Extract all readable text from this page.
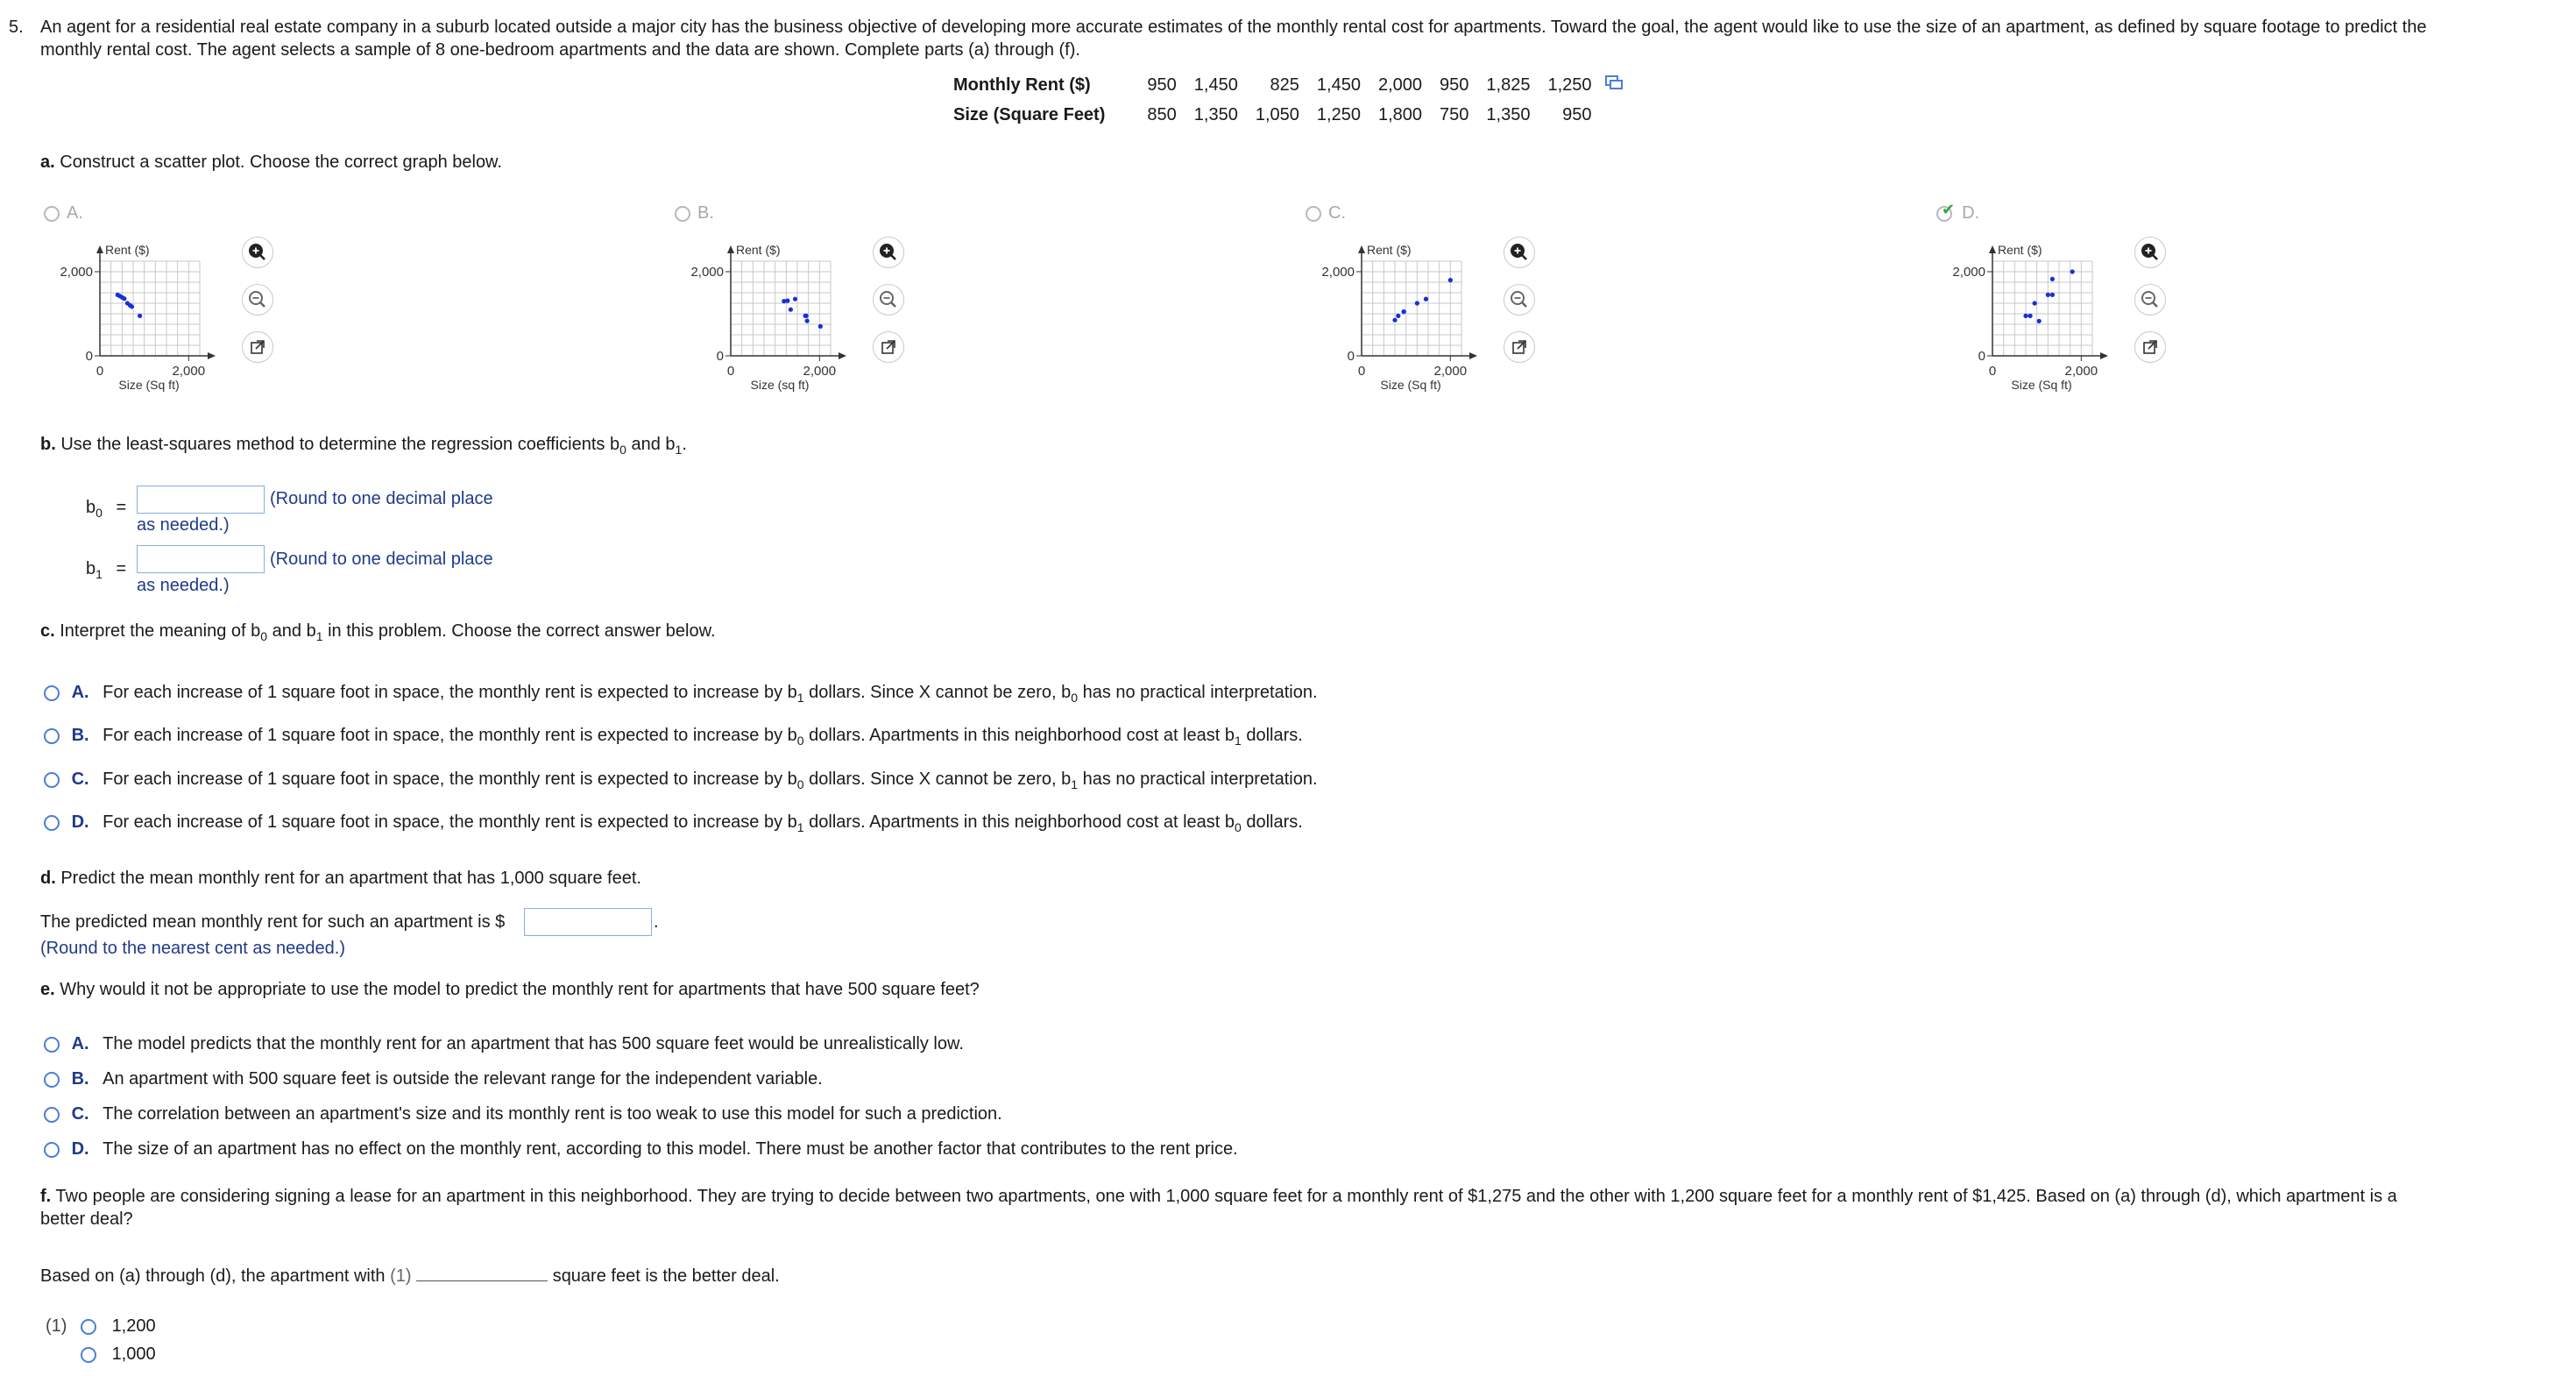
5. An agent for a residential real estate company in a suburb located outside a major city has the business objective of developing more accurate estimates of the monthly rental cost for apartments. Toward the goal, the agent would like to use the size of an apartment, as defined by square footage to predict the
monthly rental cost. The agent selects a sample of 8 one-bedroom apartments and the data are shown. Complete parts (a) through (f).
Monthly Rent ($)	950	1,450	825	1,450	2,000	950	1,825	1,250	
Size (Square Feet)	850	1,350	1,050	1,250	1,800	750	1,350	950	
a. Construct a scatter plot. Choose the correct graph below.
A.
2,000
0
0	2,000
Rent ($)
Size (Sq ft)
B.
2,000
0
0	2,000
Rent ($)
Size (sq ft)
C.
2,000
0
0	2,000
Rent ($)
Size (Sq ft)
✔ D.
2,000
0
0	2,000
Rent ($)
Size (Sq ft)
b. Use the least-squares method to determine the regression coefficients $b_0$ and $b_1$.
$b_0$ =	(Round to one decimal place
as needed.)
$b_1$ =	(Round to one decimal place
as needed.)
c. Interpret the meaning of $b_0$ and $b_1$ in this problem. Choose the correct answer below.
A. For each increase of 1 square foot in space, the monthly rent is expected to increase by $b_1$ dollars. Since X cannot be zero, $b_0$ has no practical interpretation.
B. For each increase of 1 square foot in space, the monthly rent is expected to increase by $b_0$ dollars. Apartments in this neighborhood cost at least $b_1$ dollars.
C. For each increase of 1 square foot in space, the monthly rent is expected to increase by $b_0$ dollars. Since X cannot be zero, $b_1$ has no practical interpretation.
D. For each increase of 1 square foot in space, the monthly rent is expected to increase by $b_1$ dollars. Apartments in this neighborhood cost at least $b_0$ dollars.
d. Predict the mean monthly rent for an apartment that has 1,000 square feet.
The predicted mean monthly rent for such an apartment is $	.
(Round to the nearest cent as needed.)
e. Why would it not be appropriate to use the model to predict the monthly rent for apartments that have 500 square feet?
A. The model predicts that the monthly rent for an apartment that has 500 square feet would be unrealistically low.
B. An apartment with 500 square feet is outside the relevant range for the independent variable.
C. The correlation between an apartment's size and its monthly rent is too weak to use this model for such a prediction.
D. The size of an apartment has no effect on the monthly rent, according to this model. There must be another factor that contributes to the rent price.
f. Two people are considering signing a lease for an apartment in this neighborhood. They are trying to decide between two apartments, one with 1,000 square feet for a monthly rent of $1,275 and the other with 1,200 square feet for a monthly rent of $1,425. Based on (a) through (d), which apartment is a
better deal?
Based on (a) through (d), the apartment with (1)	square feet is the better deal.
(1)	1,200
1,000
